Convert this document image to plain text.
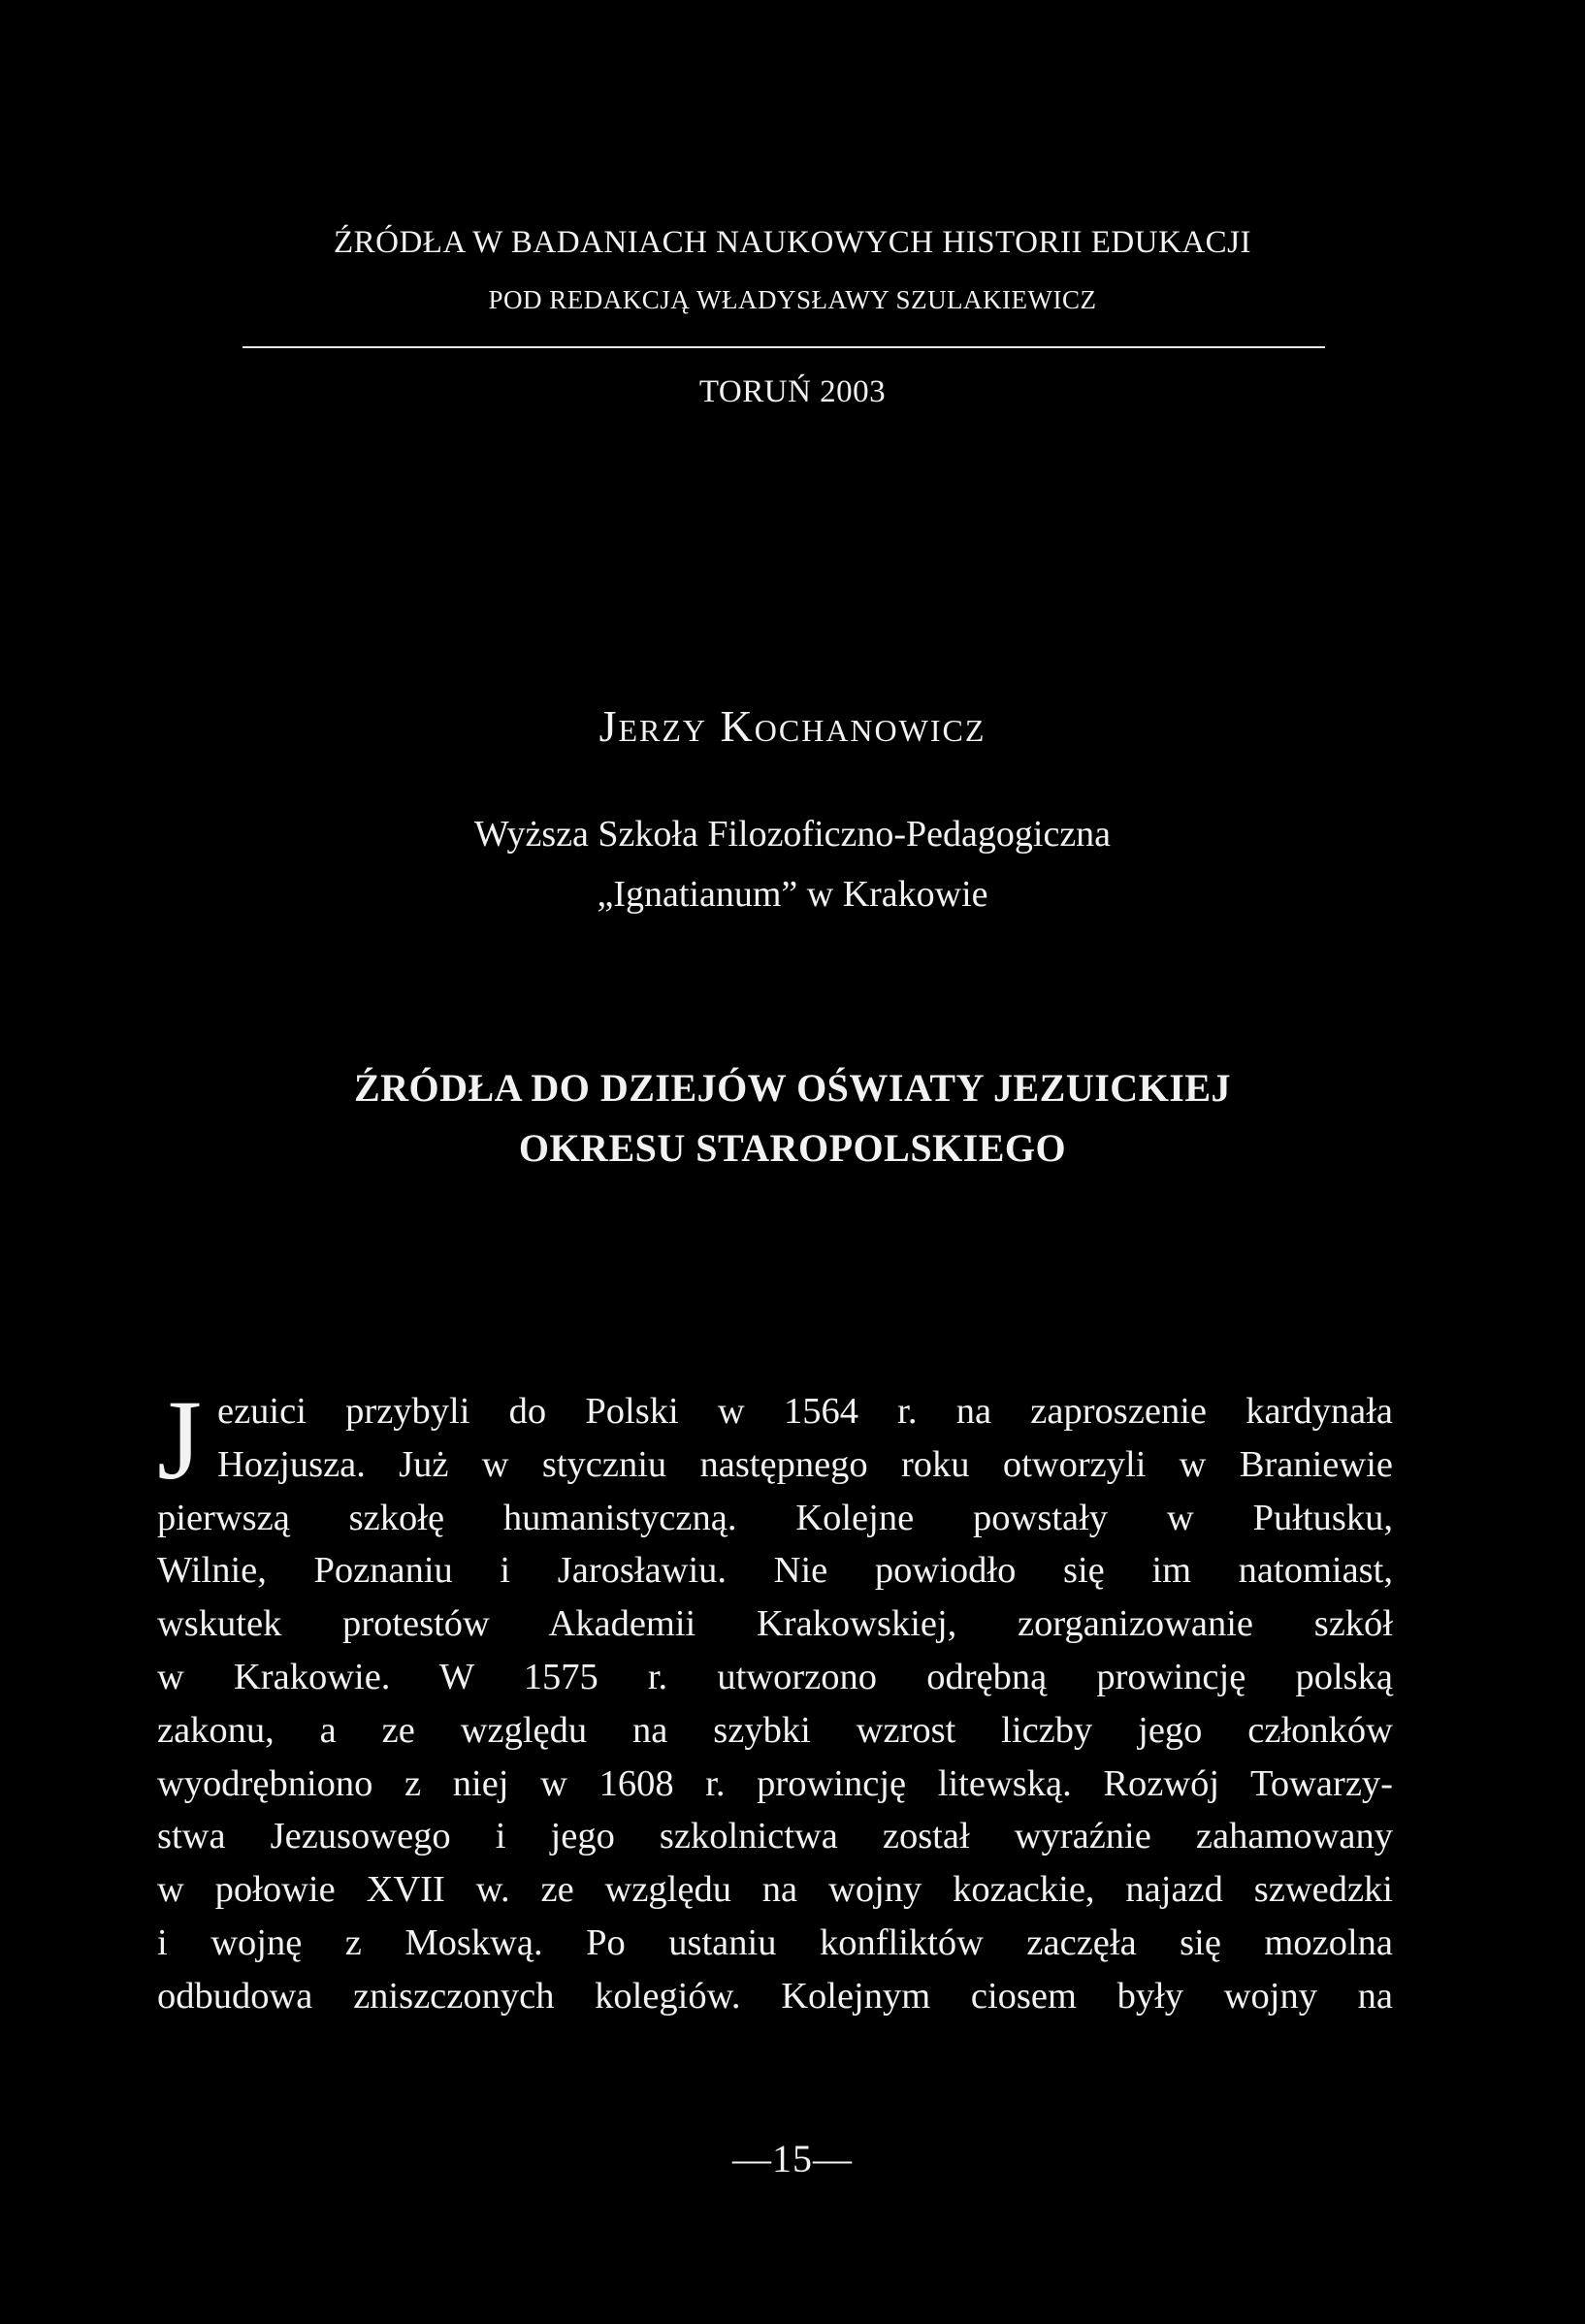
ŹRÓDŁA W BADANIACH NAUKOWYCH HISTORII EDUKACJI
POD REDAKCJĄ WŁADYSŁAWY SZULAKIEWICZ
TORUŃ 2003
Jerzy Kochanowicz
Wyższa Szkoła Filozoficzno-Pedagogiczna
„Ignatianum” w Krakowie
ŹRÓDŁA DO DZIEJÓW OŚWIATY JEZUICKIEJ
OKRESU STAROPOLSKIEGO
J ezuici przybyli do Polski w 1564 r. na zaproszenie kardynała
Hozjusza. Już w styczniu następnego roku otworzyli w Braniewie
pierwszą szkołę humanistyczną. Kolejne powstały w Pułtusku,
Wilnie, Poznaniu i Jarosławiu. Nie powiodło się im natomiast,
wskutek protestów Akademii Krakowskiej, zorganizowanie szkół
w Krakowie. W 1575 r. utworzono odrębną prowincję polską
zakonu, a ze względu na szybki wzrost liczby jego członków
wyodrębniono z niej w 1608 r. prowincję litewską. Rozwój Towarzy-
stwa Jezusowego i jego szkolnictwa został wyraźnie zahamowany
w połowie XVII w. ze względu na wojny kozackie, najazd szwedzki
i wojnę z Moskwą. Po ustaniu konfliktów zaczęła się mozolna
odbudowa zniszczonych kolegiów. Kolejnym ciosem były wojny na
—15—
